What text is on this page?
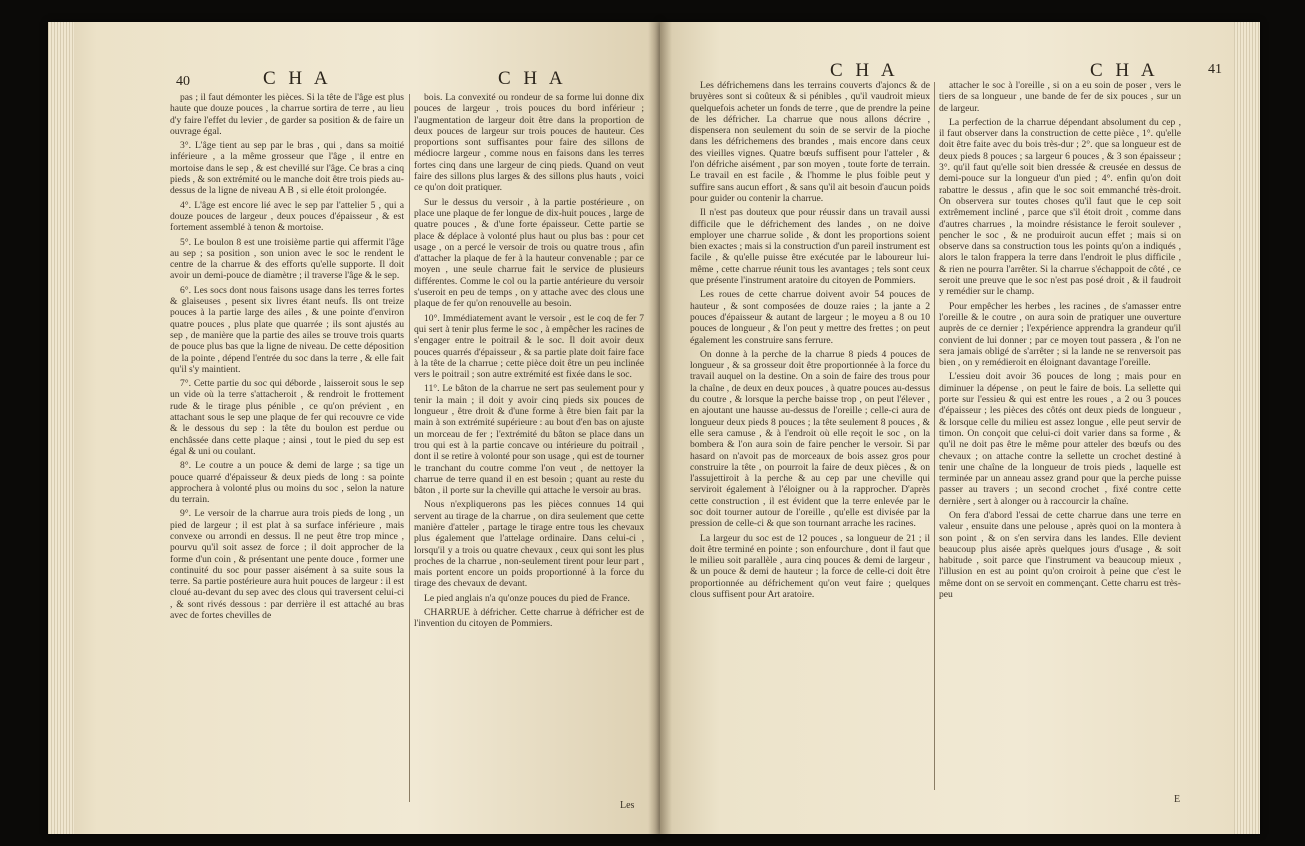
40	C H A	C H A

pas ; il faut démonter les pièces. Si la tête de l'âge est plus haute que douze pouces , la charrue sortira de terre , au lieu d'y faire l'effet du levier , de garder sa position & de faire un ouvrage égal.

3°. L'âge tient au sep par le bras , qui , dans sa moitié inférieure , a la même grosseur que l'âge , il entre en mortoise dans le sep , & est chevillé sur l'âge. Ce bras a cinq pieds , & son extrémité ou le manche doit être trois pieds au-dessus de la ligne de niveau A B , si elle étoit prolongée.

4°. L'âge est encore lié avec le sep par l'attelier 5 , qui a douze pouces de largeur , deux pouces d'épaisseur , & est fortement assemblé à tenon & mortoise.

5°. Le boulon 8 est une troisième partie qui affermit l'âge au sep ; sa position , son union avec le soc le rendent le centre de la charrue & des efforts qu'elle supporte. Il doit avoir un demi-pouce de diamètre ; il traverse l'âge & le sep.

6°. Les socs dont nous faisons usage dans les terres fortes & glaiseuses , pesent six livres étant neufs. Ils ont treize pouces à la partie large des ailes , & une pointe d'environ quatre pouces , plus plate que quarrée ; ils sont ajustés au sep , de manière que la partie des ailes se trouve trois quarts de pouce plus bas que la ligne de niveau. De cette déposition de la pointe , dépend l'entrée du soc dans la terre , & elle fait qu'il s'y maintient.

7°. Cette partie du soc qui déborde , laisseroit sous le sep un vide où la terre s'attacheroit , & rendroit le frottement rude & le tirage plus pénible , ce qu'on prévient , en attachant sous le sep une plaque de fer qui recouvre ce vide & le dessous du sep : la tête du boulon est perdue ou enchâssée dans cette plaque ; ainsi , tout le pied du sep est égal & uni ou coulant.

8°. Le coutre a un pouce & demi de large ; sa tige un pouce quarré d'épaisseur & deux pieds de long : sa pointe approchera à volonté plus ou moins du soc , selon la nature du terrain.

9°. Le versoir de la charrue aura trois pieds de long , un pied de largeur ; il est plat à sa surface inférieure , mais convexe ou arrondi en dessus. Il ne peut être trop mince , pourvu qu'il soit assez de force ; il doit approcher de la forme d'un coin , & présentant une pente douce , former une continuité du soc pour passer aisément à sa suite sous la terre. Sa partie postérieure aura huit pouces de largeur : il est cloué au-devant du sep avec des clous qui traversent celui-ci , & sont rivés dessous : par derrière il est attaché au bras avec de fortes chevilles de

bois. La convexité ou rondeur de sa forme lui donne dix pouces de largeur , trois pouces du bord inférieur ; l'augmentation de largeur doit être dans la proportion de deux pouces de largeur sur trois pouces de hauteur. Ces proportions sont suffisantes pour faire des sillons de médiocre largeur , comme nous en faisons dans les terres fortes cinq dans une largeur de cinq pieds. Quand on veut faire des sillons plus larges & des sillons plus hauts , voici ce qu'on doit pratiquer.

Sur le dessus du versoir , à la partie postérieure , on place une plaque de fer longue de dix-huit pouces , large de quatre pouces , & d'une forte épaisseur. Cette partie se place & déplace à volonté plus haut ou plus bas : pour cet usage , on a percé le versoir de trois ou quatre trous , afin d'attacher la plaque de fer à la hauteur convenable ; par ce moyen , une seule charrue fait le service de plusieurs différentes. Comme le col ou la partie antérieure du versoir s'useroit en peu de temps , on y attache avec des clous une plaque de fer qu'on renouvelle au besoin.

10°. Immédiatement avant le versoir , est le coq de fer 7 qui sert à tenir plus ferme le soc , à empêcher les racines de s'engager entre le poitrail & le soc. Il doit avoir deux pouces quarrés d'épaisseur , & sa partie plate doit faire face à la tête de la charrue ; cette pièce doit être un peu inclinée vers le poitrail ; son autre extrémité est fixée dans le soc.

11°. Le bâton de la charrue ne sert pas seulement pour y tenir la main ; il doit y avoir cinq pieds six pouces de longueur , être droit & d'une forme à être bien fait par la main à son extrémité supérieure : au bout d'en bas on ajuste un morceau de fer ; l'extrémité du bâton se place dans un trou qui est à la partie concave ou intérieure du poitrail , dont il se retire à volonté pour son usage , qui est de tourner le tranchant du coutre comme l'on veut , de nettoyer la charrue de terre quand il en est besoin ; quant au reste du bâton , il porte sur la cheville qui attache le versoir au bras.

Nous n'expliquerons pas les pièces connues 14 qui servent au tirage de la charrue , on dira seulement que cette manière d'atteler , partage le tirage entre tous les chevaux plus également que l'attelage ordinaire. Dans celui-ci , lorsqu'il y a trois ou quatre chevaux , ceux qui sont les plus proches de la charrue , non-seulement tirent pour leur part , mais portent encore un poids proportionné à la force du tirage des chevaux de devant.

Le pied anglais n'a qu'onze pouces du pied de France.

CHARRUE à défricher. Cette charrue à défricher est de l'invention du citoyen de Pommiers.

Les
C H A	C H A	41

Les défrichemens dans les terrains couverts d'ajoncs & de bruyères sont si coûteux & si pénibles , qu'il vaudroit mieux quelquefois acheter un fonds de terre , que de prendre la peine de les défricher. La charrue que nous allons décrire , dispensera non seulement du soin de se servir de la pioche dans les défrichemens des brandes , mais encore dans ceux des vieilles vignes. Quatre bœufs suffisent pour l'atteler , & l'on défriche aisément , par son moyen , toute forte de terrain. Le travail en est facile , & l'homme le plus foible peut y suffire sans aucun effort , & sans qu'il ait besoin d'aucun poids pour guider ou contenir la charrue.

Il n'est pas douteux que pour réussir dans un travail aussi difficile que le défrichement des landes , on ne doive employer une charrue solide , & dont les proportions soient bien exactes ; mais si la construction d'un pareil instrument est facile , & qu'elle puisse être exécutée par le laboureur lui-même , cette charrue réunit tous les avantages ; tels sont ceux que présente l'instrument aratoire du citoyen de Pommiers.

Les roues de cette charrue doivent avoir 54 pouces de hauteur , & sont composées de douze raies ; la jante a 2 pouces d'épaisseur & autant de largeur ; le moyeu a 8 ou 10 pouces de longueur , & l'on peut y mettre des frettes ; on peut également les construire sans ferrure.

On donne à la perche de la charrue 8 pieds 4 pouces de longueur , & sa grosseur doit être proportionnée à la force du travail auquel on la destine. On a soin de faire des trous pour la chaîne , de deux en deux pouces , à quatre pouces au-dessus du coutre , & lorsque la perche baisse trop , on peut l'élever , en ajoutant une hausse au-dessus de l'oreille ; celle-ci aura de longueur deux pieds 8 pouces ; la tête seulement 8 pouces , & elle sera camuse , & à l'endroit où elle reçoit le soc , on la bombera & l'on aura soin de faire pencher le versoir. Si par hasard on n'avoit pas de morceaux de bois assez gros pour construire la tête , on pourroit la faire de deux pièces , & on l'assujettiroit à la perche & au cep par une cheville qui serviroit également à l'éloigner ou à la rapprocher. D'après cette construction , il est évident que la terre enlevée par le soc doit tourner autour de l'oreille , qu'elle est divisée par la pression de celle-ci & que son tournant arrache les racines.

La largeur du soc est de 12 pouces , sa longueur de 21 ; il doit être terminé en pointe ; son enfourchure , dont il faut que le milieu soit parallèle , aura cinq pouces & demi de largeur , & un pouce & demi de hauteur ; la force de celle-ci doit être proportionnée au défrichement qu'on veut faire ; quelques clous suffisent pour Art aratoire.

attacher le soc à l'oreille , si on a eu soin de poser , vers le tiers de sa longueur , une bande de fer de six pouces , sur un de largeur.

La perfection de la charrue dépendant absolument du cep , il faut observer dans la construction de cette pièce , 1°. qu'elle doit être faite avec du bois très-dur ; 2°. que sa longueur est de deux pieds 8 pouces ; sa largeur 6 pouces , & 3 son épaisseur ; 3°. qu'il faut qu'elle soit bien dressée & creusée en dessus de demi-pouce sur la longueur d'un pied ; 4°. enfin qu'on doit rabattre le dessus , afin que le soc soit emmanché très-droit. On observera sur toutes choses qu'il faut que le cep soit extrêmement incliné , parce que s'il étoit droit , comme dans d'autres charrues , la moindre résistance le feroit soulever , pencher le soc , & ne produiroit aucun effet ; mais si on observe dans sa construction tous les points qu'on a indiqués , alors le talon frappera la terre dans l'endroit le plus difficile , & rien ne pourra l'arrêter. Si la charrue s'échappoit de côté , ce seroit une preuve que le soc n'est pas posé droit , & il faudroit y remédier sur le champ.

Pour empêcher les herbes , les racines , de s'amasser entre l'oreille & le coutre , on aura soin de pratiquer une ouverture auprès de ce dernier ; l'expérience apprendra la grandeur qu'il convient de lui donner ; par ce moyen tout passera , & l'on ne sera jamais obligé de s'arrêter ; si la lande ne se renversoit pas bien , on y remédieroit en éloignant davantage l'oreille.

L'essieu doit avoir 36 pouces de long ; mais pour en diminuer la dépense , on peut le faire de bois. La sellette qui porte sur l'essieu & qui est entre les roues , a 2 ou 3 pouces d'épaisseur ; les pièces des côtés ont deux pieds de longueur , & lorsque celle du milieu est assez longue , elle peut servir de timon. On conçoit que celui-ci doit varier dans sa forme , & qu'il ne doit pas être le même pour atteler des bœufs ou des chevaux ; on attache contre la sellette un crochet destiné à tenir une chaîne de la longueur de trois pieds , laquelle est terminée par un anneau assez grand pour que la perche puisse passer au travers ; un second crochet , fixé contre cette dernière , sert à alonger ou à raccourcir la chaîne.

On fera d'abord l'essai de cette charrue dans une terre en valeur , ensuite dans une pelouse , après quoi on la montera à son point , & on s'en servira dans les landes. Elle devient beaucoup plus aisée après quelques jours d'usage , & soit habitude , soit parce que l'instrument va beaucoup mieux , l'illusion en est au point qu'on croiroit à peine que c'est le même dont on se servoit en commençant. Cette charru est très-peu

E
